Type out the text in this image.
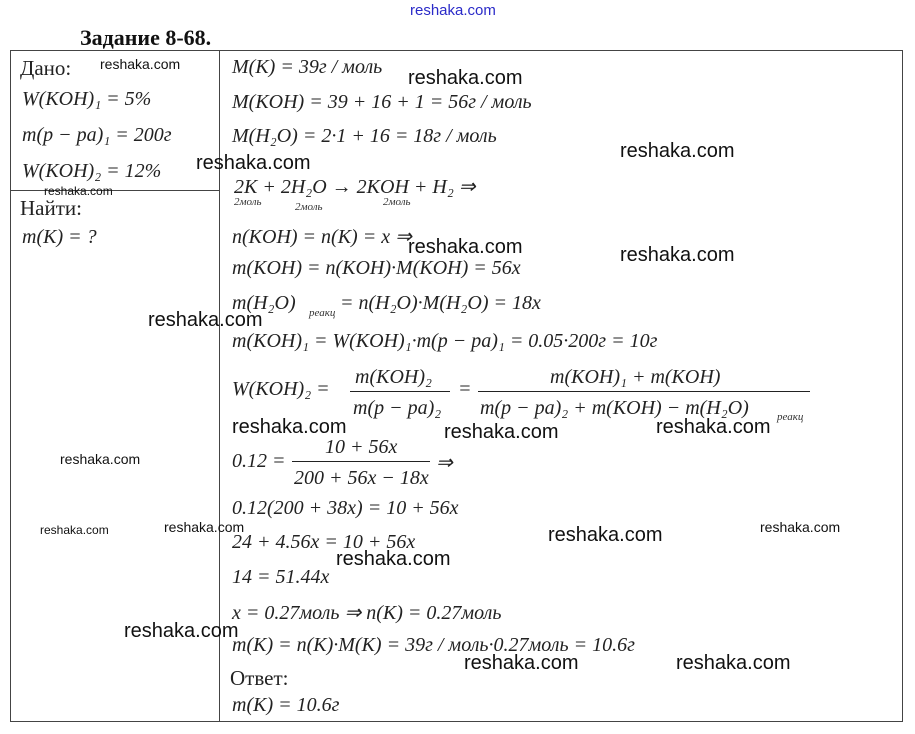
reshaka.com
Задание 8-68.
Дано:
W(KOH)₁ = 5%
m(p − pa)₁ = 200г
W(KOH)₂ = 12%
Найти:
m(K) = ?
M(K) = 39г / моль
M(KOH) = 39 + 16 + 1 = 56г / моль
M(H₂O) = 2·1 + 16 = 18г / моль
2K + 2H₂O → 2KOH + H₂ ⇒
2моль	2моль	2моль
n(KOH) = n(K) = x ⇒
m(KOH) = n(KOH)·M(KOH) = 56x
m(H₂O) реакц = n(H₂O)·M(H₂O) = 18x
m(KOH)₁ = W(KOH)₁·m(p − pa)₁ = 0.05·200г = 10г
W(KOH)₂ =
m(KOH)₂
m(p − pa)₂
=
m(KOH)₁ + m(KOH)
m(p − pa)₂ + m(KOH) − m(H₂O)	реакц
0.12 =
10 + 56x
200 + 56x − 18x
⇒
0.12(200 + 38x) = 10 + 56x
24 + 4.56x = 10 + 56x
14 = 51.44x
x = 0.27моль ⇒ n(K) = 0.27моль
m(K) = n(K)·M(K) = 39г / моль·0.27моль = 10.6г
Ответ:
m(K) = 10.6г
reshaka.com
reshaka.com
reshaka.com
reshaka.com
reshaka.com
reshaka.com	reshaka.com
reshaka.com
reshaka.com	reshaka.com	reshaka.com
reshaka.com
reshaka.com	reshaka.com	reshaka.com	reshaka.com
reshaka.com
reshaka.com
reshaka.com	reshaka.com
